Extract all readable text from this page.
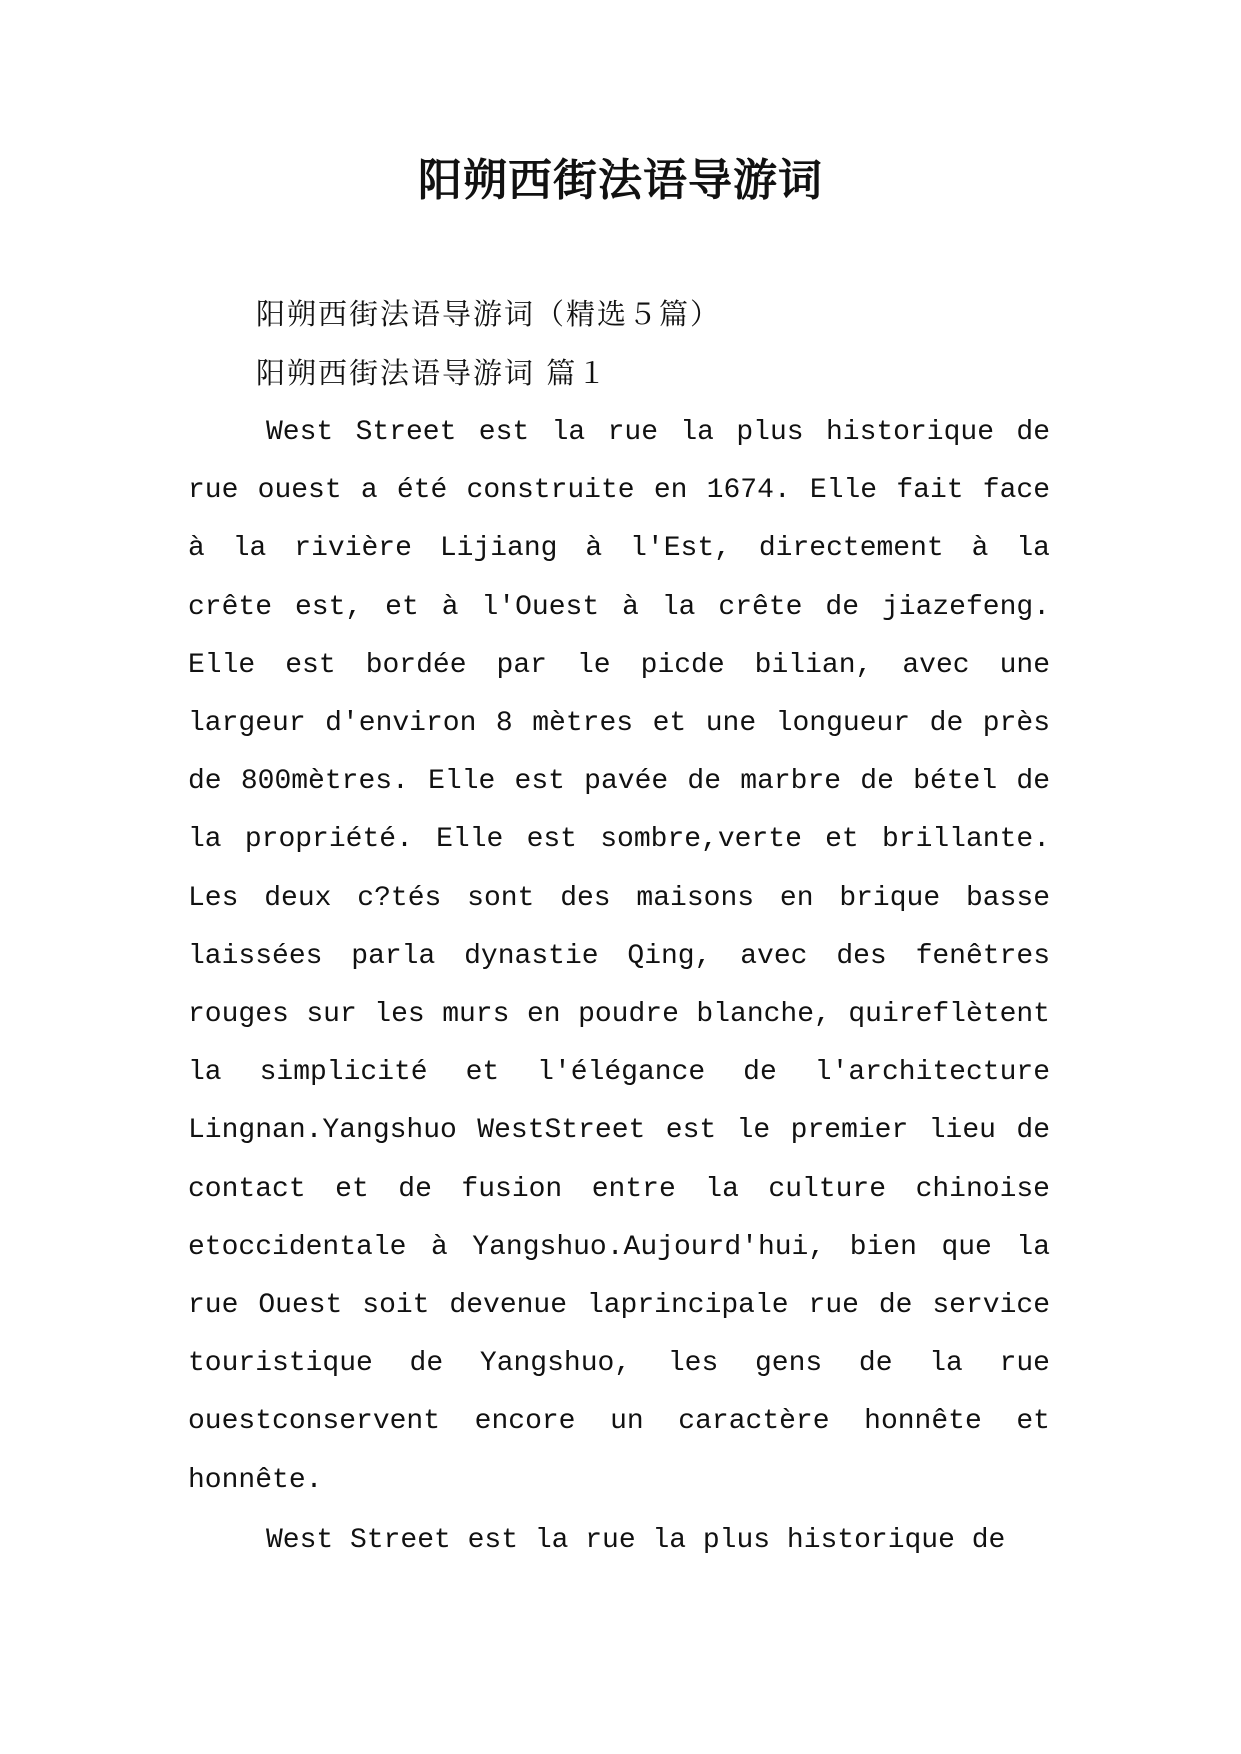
阳朔西街法语导游词

阳朔西街法语导游词（精选５篇）

阳朔西街法语导游词 篇１

West Street est la rue la plus historique de rue ouest a été construite en 1674. Elle fait face à la rivière Lijiang à l'Est, directement à la crête est, et à l'Ouest à la crête de jiazefeng. Elle est bordée par le picde bilian, avec une largeur d'environ 8 mètres et une longueur de près de 800mètres. Elle est pavée de marbre de bétel de la propriété. Elle est sombre,verte et brillante. Les deux c?tés sont des maisons en brique basse laissées parla dynastie Qing, avec des fenêtres rouges sur les murs en poudre blanche, quireflètent la simplicité et l'élégance de l'architecture Lingnan.Yangshuo WestStreet est le premier lieu de contact et de fusion entre la culture chinoise etoccidentale à Yangshuo.Aujourd'hui, bien que la rue Ouest soit devenue laprincipale rue de service touristique de Yangshuo, les gens de la rue ouestconservent encore un caractère honnête et honnête.

West Street est la rue la plus historique de
